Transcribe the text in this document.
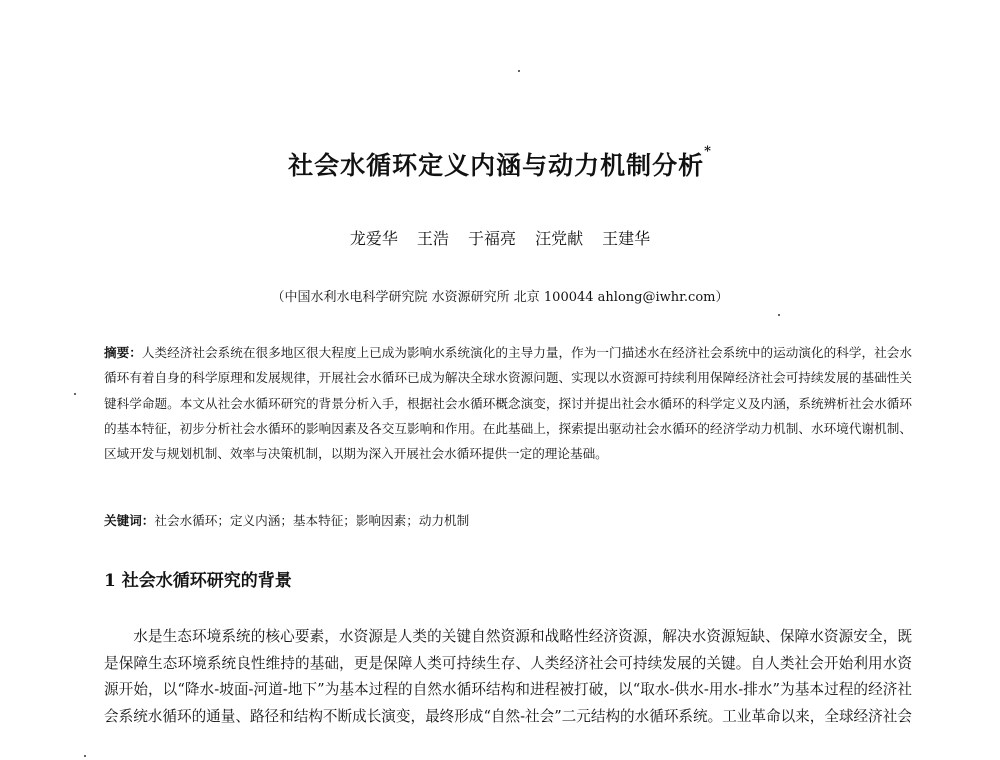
社会水循环定义内涵与动力机制分析*
龙爱华 王浩 于福亮 汪党献 王建华
（中国水利水电科学研究院 水资源研究所 北京 100044 ahlong@iwhr.com）
摘要：人类经济社会系统在很多地区很大程度上已成为影响水系统演化的主导力量，作为一门描述水在经济社会系统中的运动演化的科学，社会水循环有着自身的科学原理和发展规律，开展社会水循环已成为解决全球水资源问题、实现以水资源可持续利用保障经济社会可持续发展的基础性关键科学命题。本文从社会水循环研究的背景分析入手，根据社会水循环概念演变，探讨并提出社会水循环的科学定义及内涵，系统辨析社会水循环的基本特征，初步分析社会水循环的影响因素及各交互影响和作用。在此基础上，探索提出驱动社会水循环的经济学动力机制、水环境代谢机制、区域开发与规划机制、效率与决策机制，以期为深入开展社会水循环提供一定的理论基础。
关键词：社会水循环；定义内涵；基本特征；影响因素；动力机制
1 社会水循环研究的背景
水是生态环境系统的核心要素，水资源是人类的关键自然资源和战略性经济资源，解决水资源短缺、保障水资源安全，既是保障生态环境系统良性维持的基础，更是保障人类可持续生存、人类经济社会可持续发展的关键。自人类社会开始利用水资源开始，以“降水-坡面-河道-地下”为基本过程的自然水循环结构和进程被打破，以“取水-供水-用水-排水”为基本过程的经济社会系统水循环的通量、路径和结构不断成长演变，最终形成“自然-社会”二元结构的水循环系统。工业革命以来，全球经济社会
